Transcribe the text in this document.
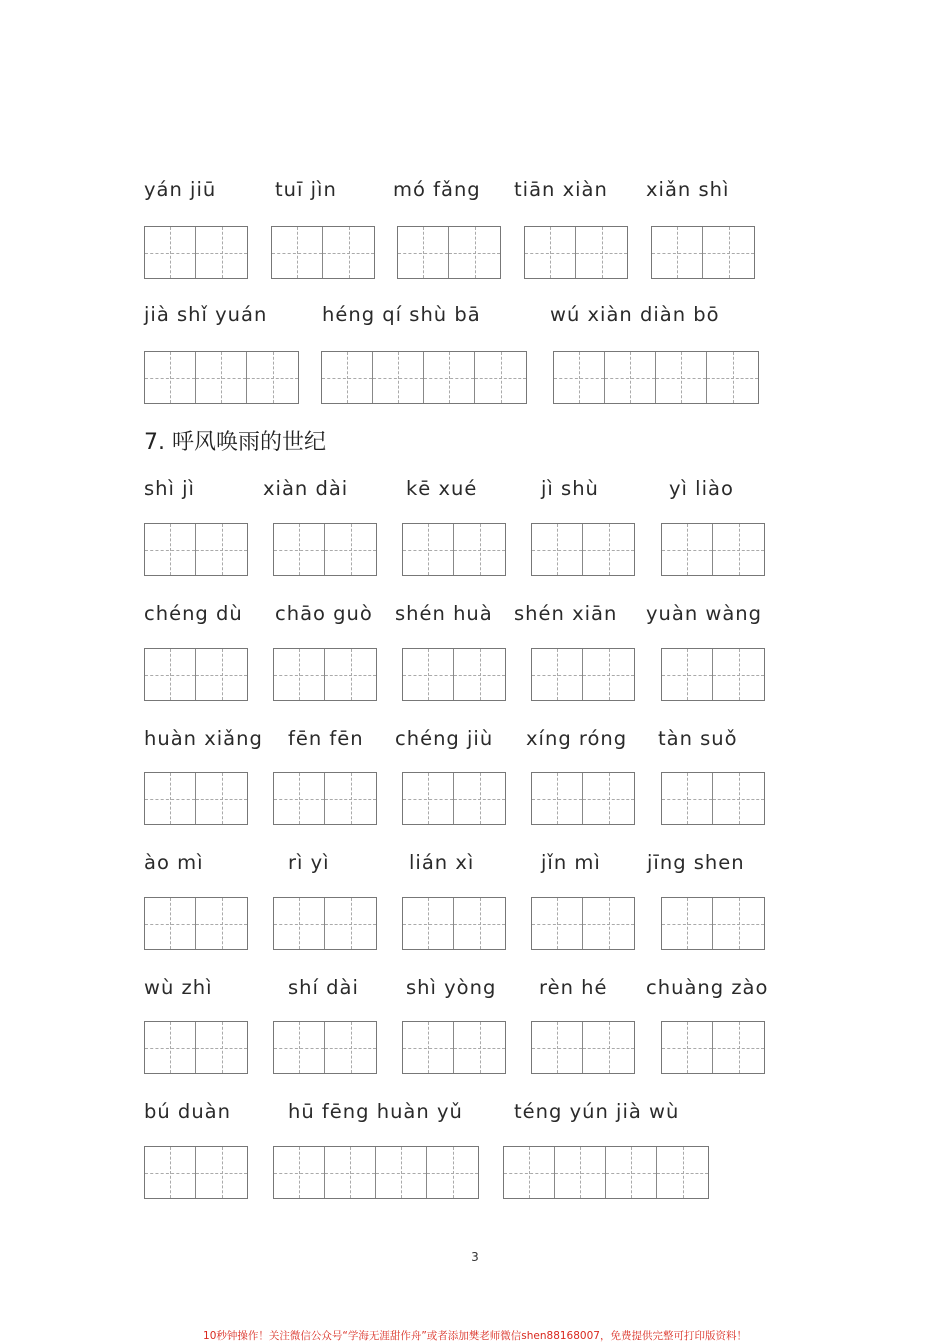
yán jiū	tuī jìn	mó fǎng tiān xiàn xiǎn shì
jià shǐ yuán	héng qí shù bā	wú xiàn diàn bō
shì jì	xiàn dài	kē xué	jì shù	yì liào
chéng dù chāo guò shén huà shén xiān yuàn wàng
huàn xiǎng fēn fēn chéng jiù xíng róng tàn suǒ
ào mì	rì yì	lián xì	jǐn mì jīng shen
wù zhì	shí dài shì yòng rèn hé chuàng zào
bú duàn	hū fēng huàn yǔ	téng yún jià wù
7. 呼风唤雨的世纪
3
10秒钟操作！关注微信公众号“学海无涯甜作舟”或者添加樊老师微信shen88168007，免费提供完整可打印版资料！
